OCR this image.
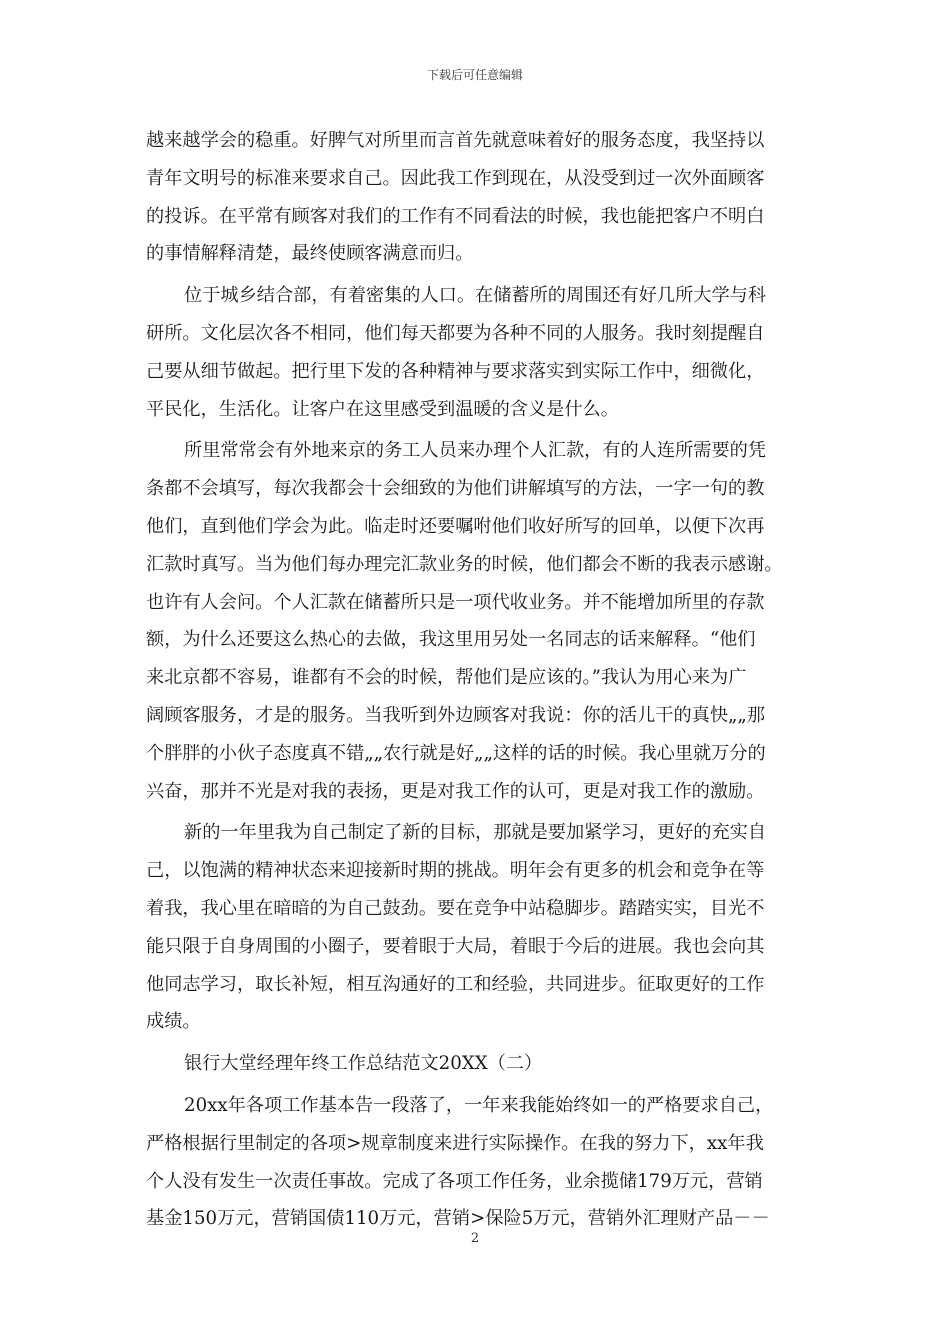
下载后可任意编辑
越来越学会的稳重。好脾气对所里而言首先就意味着好的服务态度，我坚持以
青年文明号的标准来要求自己。因此我工作到现在，从没受到过一次外面顾客
的投诉。在平常有顾客对我们的工作有不同看法的时候，我也能把客户不明白
的事情解释清楚，最终使顾客满意而归。
位于城乡结合部，有着密集的人口。在储蓄所的周围还有好几所大学与科
研所。文化层次各不相同，他们每天都要为各种不同的人服务。我时刻提醒自
己要从细节做起。把行里下发的各种精神与要求落实到实际工作中，细微化，
平民化，生活化。让客户在这里感受到温暖的含义是什么。
所里常常会有外地来京的务工人员来办理个人汇款，有的人连所需要的凭
条都不会填写，每次我都会十会细致的为他们讲解填写的方法，一字一句的教
他们，直到他们学会为此。临走时还要嘱咐他们收好所写的回单，以便下次再
汇款时真写。当为他们每办理完汇款业务的时候，他们都会不断的我表示感谢。
也许有人会问。个人汇款在储蓄所只是一项代收业务。并不能增加所里的存款
额，为什么还要这么热心的去做，我这里用另处一名同志的话来解释。“他们
来北京都不容易，谁都有不会的时候，帮他们是应该的。”我认为用心来为广
阔顾客服务，才是的服务。当我听到外边顾客对我说：你的活儿干的真快„„那
个胖胖的小伙子态度真不错„„农行就是好„„这样的话的时候。我心里就万分的
兴奋，那并不光是对我的表扬，更是对我工作的认可，更是对我工作的激励。
新的一年里我为自己制定了新的目标，那就是要加紧学习，更好的充实自
己，以饱满的精神状态来迎接新时期的挑战。明年会有更多的机会和竞争在等
着我，我心里在暗暗的为自己鼓劲。要在竞争中站稳脚步。踏踏实实，目光不
能只限于自身周围的小圈子，要着眼于大局，着眼于今后的进展。我也会向其
他同志学习，取长补短，相互沟通好的工和经验，共同进步。征取更好的工作
成绩。
银行大堂经理年终工作总结范文20XX（二）
20xx年各项工作基本告一段落了，一年来我能始终如一的严格要求自己，
严格根据行里制定的各项>规章制度来进行实际操作。在我的努力下，xx年我
个人没有发生一次责任事故。完成了各项工作任务，业余揽储179万元，营销
基金150万元，营销国债110万元，营销>保险5万元，营销外汇理财产品－－
2
